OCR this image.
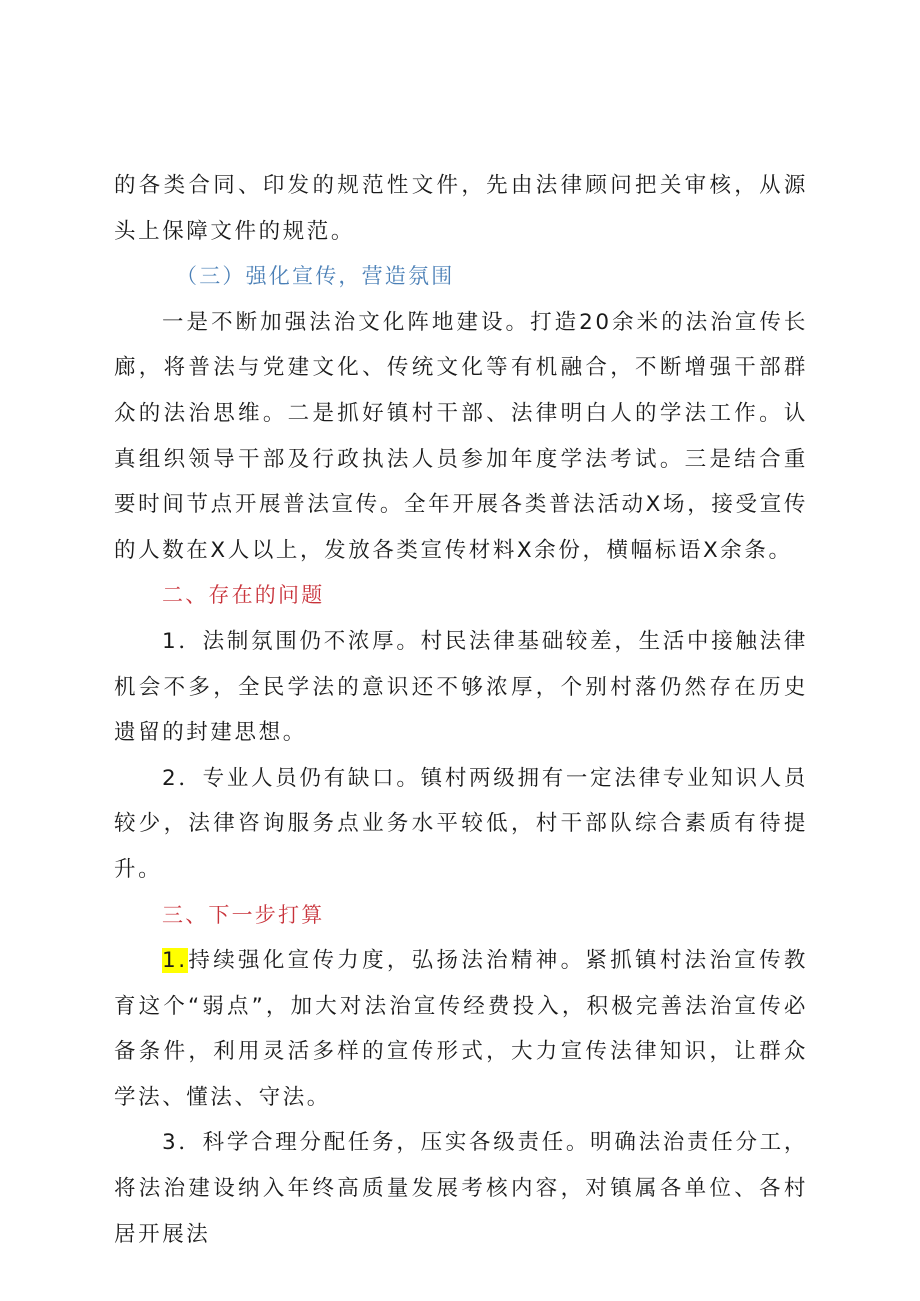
的各类合同、印发的规范性文件，先由法律顾问把关审核，从源头上保障文件的规范。

（三）强化宣传，营造氛围

一是不断加强法治文化阵地建设。打造20余米的法治宣传长廊，将普法与党建文化、传统文化等有机融合，不断增强干部群众的法治思维。二是抓好镇村干部、法律明白人的学法工作。认真组织领导干部及行政执法人员参加年度学法考试。三是结合重要时间节点开展普法宣传。全年开展各类普法活动X场，接受宣传的人数在X人以上，发放各类宣传材料X余份，横幅标语X余条。

二、存在的问题

1．法制氛围仍不浓厚。村民法律基础较差，生活中接触法律机会不多，全民学法的意识还不够浓厚，个别村落仍然存在历史遗留的封建思想。

2．专业人员仍有缺口。镇村两级拥有一定法律专业知识人员较少，法律咨询服务点业务水平较低，村干部队综合素质有待提升。

三、下一步打算

1.持续强化宣传力度，弘扬法治精神。紧抓镇村法治宣传教育这个“弱点”，加大对法治宣传经费投入，积极完善法治宣传必备条件，利用灵活多样的宣传形式，大力宣传法律知识，让群众学法、懂法、守法。

3．科学合理分配任务，压实各级责任。明确法治责任分工，将法治建设纳入年终高质量发展考核内容，对镇属各单位、各村居开展法
